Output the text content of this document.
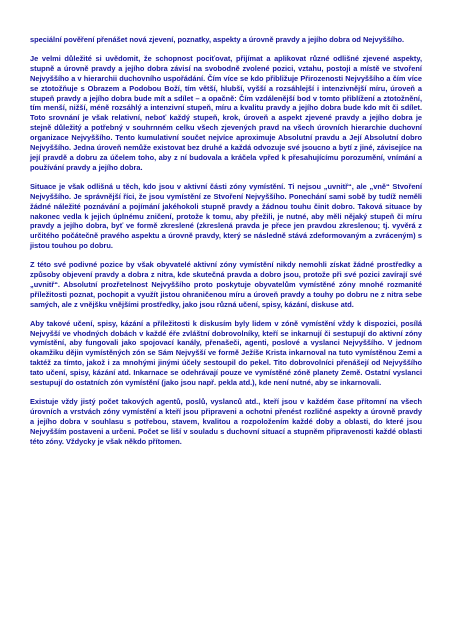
speciální pověření přenášet nová zjevení, poznatky, aspekty a úrovně pravdy a jejího dobra od Nejvyššího.

Je velmi důležité si uvědomit, že schopnost pociťovat, přijímat a aplikovat různé odlišné zjevené aspekty, stupně a úrovně pravdy a jejího dobra závisí na svobodně zvolené pozici, vztahu, postoji a místě ve stvoření Nejvyššího a v hierarchii duchovního uspořádání. Čím více se kdo přibližuje Přirozenosti Nejvyššího a čím více se ztotožňuje s Obrazem a Podobou Boží, tím větší, hlubší, vyšší a rozsáhlejší i intenzivnější míru, úroveň a stupeň pravdy a jejího dobra bude mít a sdílet – a opačně: Čím vzdálenější bod v tomto přiblížení a ztotožnění, tím menší, nižší, méně rozsáhlý a intenzivní stupeň, míru a kvalitu pravdy a jejího dobra bude kdo mít či sdílet. Toto srovnání je však relativní, neboť každý stupeň, krok, úroveň a aspekt zjevené pravdy a jejího dobra je stejně důležitý a potřebný v souhrnném celku všech zjevených pravd na všech úrovních hierarchie duchovní organizace Nejvyššího. Tento kumulativní součet nejvíce aproximuje Absolutní pravdu a Její Absolutní dobro Nejvyššího. Jedna úroveň nemůže existovat bez druhé a každá odvozuje své jsoucno a bytí z jiné, závisejíce na její pravdě a dobru za účelem toho, aby z ní budovala a kráčela vpřed k přesahujícímu porozumění, vnímání a používání pravdy a jejího dobra.

Situace je však odlišná u těch, kdo jsou v aktivní části zóny vymístění. Ti nejsou „uvnitř“, ale „vně“ Stvoření Nejvyššího. Je správnější říci, že jsou vymístění ze Stvoření Nejvyššího. Ponechání sami sobě by tudíž neměli žádné náležité poznávání a pojímání jakéhokoli stupně pravdy a žádnou touhu činit dobro. Taková situace by nakonec vedla k jejich úplnému zničení, protože k tomu, aby přežili, je nutné, aby měli nějaký stupeň či míru pravdy a jejího dobra, byť ve formě zkreslené (zkreslená pravda je přece jen pravdou zkreslenou; tj. vyvěrá z určitého počátečně pravého aspektu a úrovně pravdy, který se následně stává zdeformovaným a zvráceným) s jistou touhou po dobru.

Z této své podivné pozice by však obyvatelé aktivní zóny vymístění nikdy nemohli získat žádné prostředky a způsoby objevení pravdy a dobra z nitra, kde skutečná pravda a dobro jsou, protože při své pozici zavírají své „uvnitř“. Absolutní prozřetelnost Nejvyššího proto poskytuje obyvatelům vymístěné zóny mnohé rozmanité příležitosti poznat, pochopit a využít jistou ohraničenou míru a úroveň pravdy a touhy po dobru ne z nitra sebe samých, ale z vnějšku vnějšími prostředky, jako jsou různá učení, spisy, kázání, diskuse atd.

Aby takové učení, spisy, kázání a příležitosti k diskusím byly lidem v zóně vymístění vždy k dispozici, posílá Nejvyšší ve vhodných dobách v každé éře zvláštní dobrovolníky, kteří se inkarnují či sestupují do aktivní zóny vymístění, aby fungovali jako spojovací kanály, přenašeči, agenti, poslové a vyslanci Nejvyššího. V jednom okamžiku dějin vymístěných zón se Sám Nejvyšší ve formě Ježíše Krista inkarnoval na tuto vymístěnou Zemi a taktéž za tímto, jakož i za mnohými jinými účely sestoupil do pekel. Tito dobrovolníci přenášejí od Nejvyššího tato učení, spisy, kázání atd. Inkarnace se odehrávají pouze ve vymístěné zóně planety Země. Ostatní vyslanci sestupují do ostatních zón vymístění (jako jsou např. pekla atd.), kde není nutné, aby se inkarnovali.

Existuje vždy jistý počet takových agentů, poslů, vyslanců atd., kteří jsou v každém čase přítomní na všech úrovních a vrstvách zóny vymístění a kteří jsou připraveni a ochotni přenést rozličné aspekty a úrovně pravdy a jejího dobra v souhlasu s potřebou, stavem, kvalitou a rozpoložením každé doby a oblasti, do které jsou Nejvyšším postaveni a určeni. Počet se liší v souladu s duchovní situací a stupněm připravenosti každé oblasti této zóny. Vždycky je však někdo přítomen.
